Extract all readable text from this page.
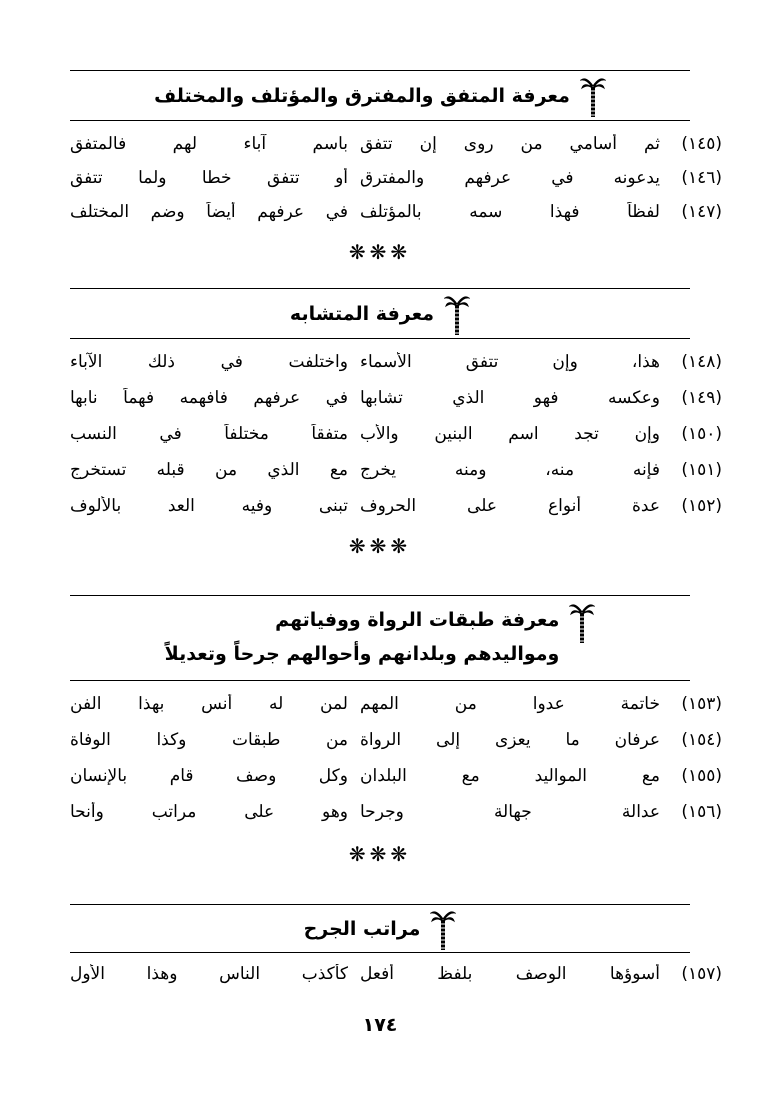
معرفة المتفق والمفترق والمؤتلف والمختلف
(١٤٥)
ثم أسامي من روى إن تتفق
باسم آباء لهم فالمتفق
(١٤٦)
يدعونه في عرفهم والمفترق
أو تتفق خطا ولما تتفق
(١٤٧)
لفظاً فهذا سمه بالمؤتلف
في عرفهم أيضاً وضم المختلف
❋❋❋
معرفة المتشابه
(١٤٨)
هذا، وإن تتفق الأسماء
واختلفت في ذلك الآباء
(١٤٩)
وعكسه فهو الذي تشابها
في عرفهم فافهمه فهماً نابها
(١٥٠)
وإن تجد اسم البنين والأب
متفقاً مختلفاً في النسب
(١٥١)
فإنه منه، ومنه يخرج
مع الذي من قبله تستخرج
(١٥٢)
عدة أنواع على الحروف
تبنى وفيه العد بالألوف
❋❋❋
معرفة طبقات الرواة ووفياتهم
ومواليدهم وبلدانهم وأحوالهم جرحاً وتعديلاً
(١٥٣)
خاتمة عدوا من المهم
لمن له أنس بهذا الفن
(١٥٤)
عرفان ما يعزى إلى الرواة
من طبقات وكذا الوفاة
(١٥٥)
مع المواليد مع البلدان
وكل وصف قام بالإنسان
(١٥٦)
عدالة جهالة وجرحا
وهو على مراتب وأنحا
❋❋❋
مراتب الجرح
(١٥٧)
أسوؤها الوصف بلفظ أفعل
كأكذب الناس وهذا الأول
١٧٤
